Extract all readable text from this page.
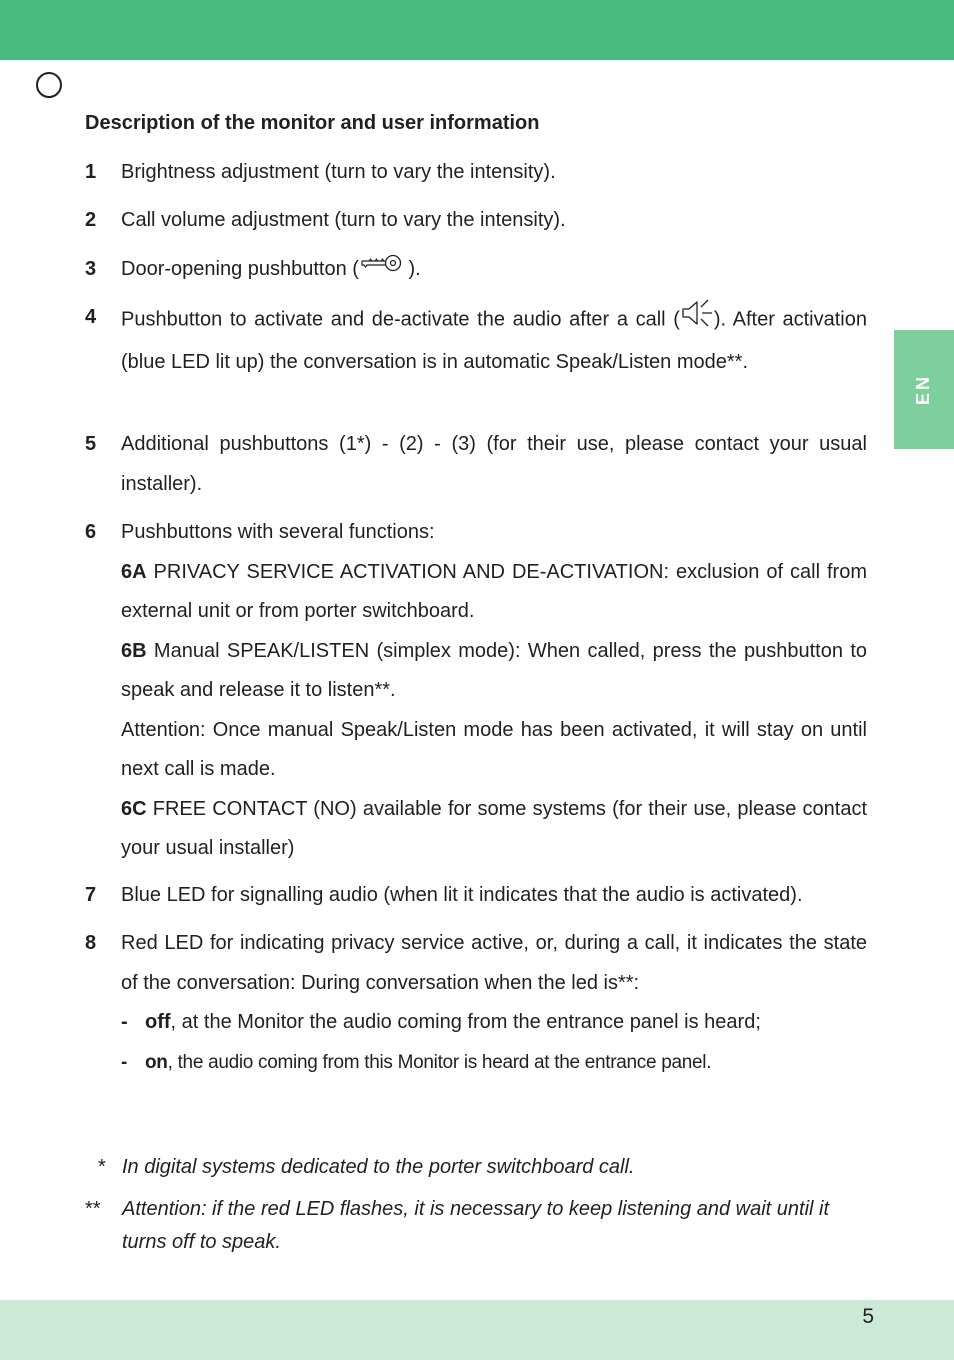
EN
Description of the monitor and user information
1	Brightness adjustment (turn to vary the intensity).
2	Call volume adjustment (turn to vary the intensity).
3	Door-opening pushbutton ( ).
4	Pushbutton to activate and de-activate the audio after a call ( ). After activation (blue LED lit up) the conversation is in automatic Speak/Listen mode**.
5	Additional pushbuttons (1*) - (2) - (3) (for their use, please contact your usual installer).
6	Pushbuttons with several functions:

6A PRIVACY SERVICE ACTIVATION AND DE-ACTIVATION: exclusion of call from external unit or from porter switchboard.

6B Manual SPEAK/LISTEN (simplex mode): When called, press the pushbutton to speak and release it to listen**.

Attention: Once manual Speak/Listen mode has been activated, it will stay on until next call is made.

6C FREE CONTACT (NO) available for some systems (for their use, please contact your usual installer)

7	Blue LED for signalling audio (when lit it indicates that the audio is activated).
8	Red LED for indicating privacy service active, or, during a call, it indicates the state of the conversation: During conversation when the led is**:

- off, at the Monitor the audio coming from the entrance panel is heard;
- on, the audio coming from this Monitor is heard at the entrance panel.
* In digital systems dedicated to the porter switchboard call.
** Attention: if the red LED flashes, it is necessary to keep listening and wait until it turns off to speak.
5
